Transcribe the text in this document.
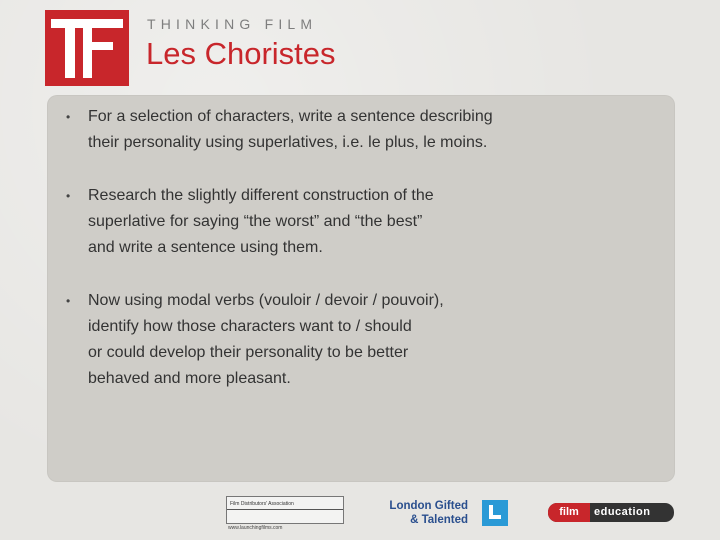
THINKING FILM
Les Choristes
• For a selection of characters, write a sentence describing
their personality using superlatives, i.e. le plus, le moins.
• Research the slightly different construction of the
superlative for saying “the worst” and “the best”
and write a sentence using them.
• Now using modal verbs (vouloir / devoir / pouvoir),
identify how those characters want to / should
or could develop their personality to be better
behaved and more pleasant.
Film Distributors' Association
www.launchingfilms.com
London Gifted
& Talented
film	education
